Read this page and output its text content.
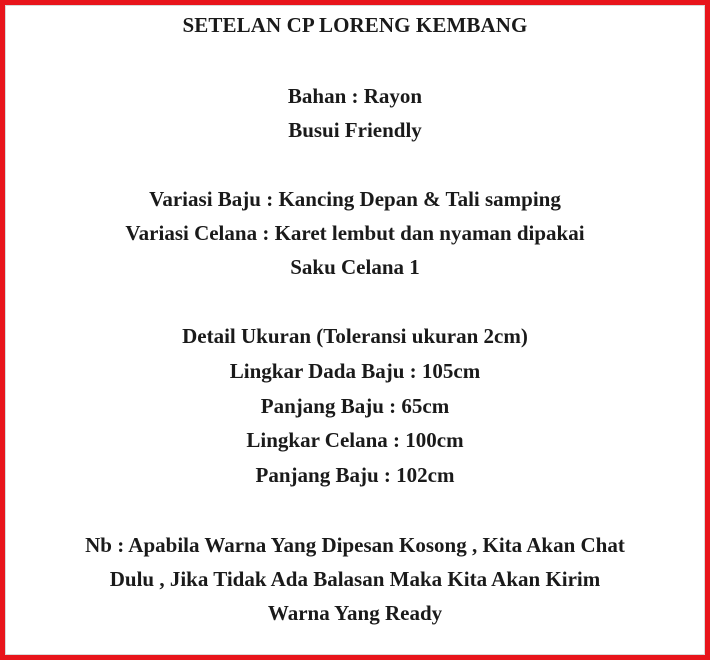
SETELAN CP LORENG KEMBANG
Bahan : Rayon
Busui Friendly
Variasi Baju : Kancing Depan & Tali samping
Variasi Celana : Karet lembut dan nyaman dipakai
Saku Celana 1
Detail Ukuran (Toleransi ukuran 2cm)
Lingkar Dada Baju : 105cm
Panjang Baju : 65cm
Lingkar Celana : 100cm
Panjang Baju : 102cm
Nb : Apabila Warna Yang Dipesan Kosong , Kita Akan Chat
Dulu , Jika Tidak Ada Balasan Maka Kita Akan Kirim
Warna Yang Ready
